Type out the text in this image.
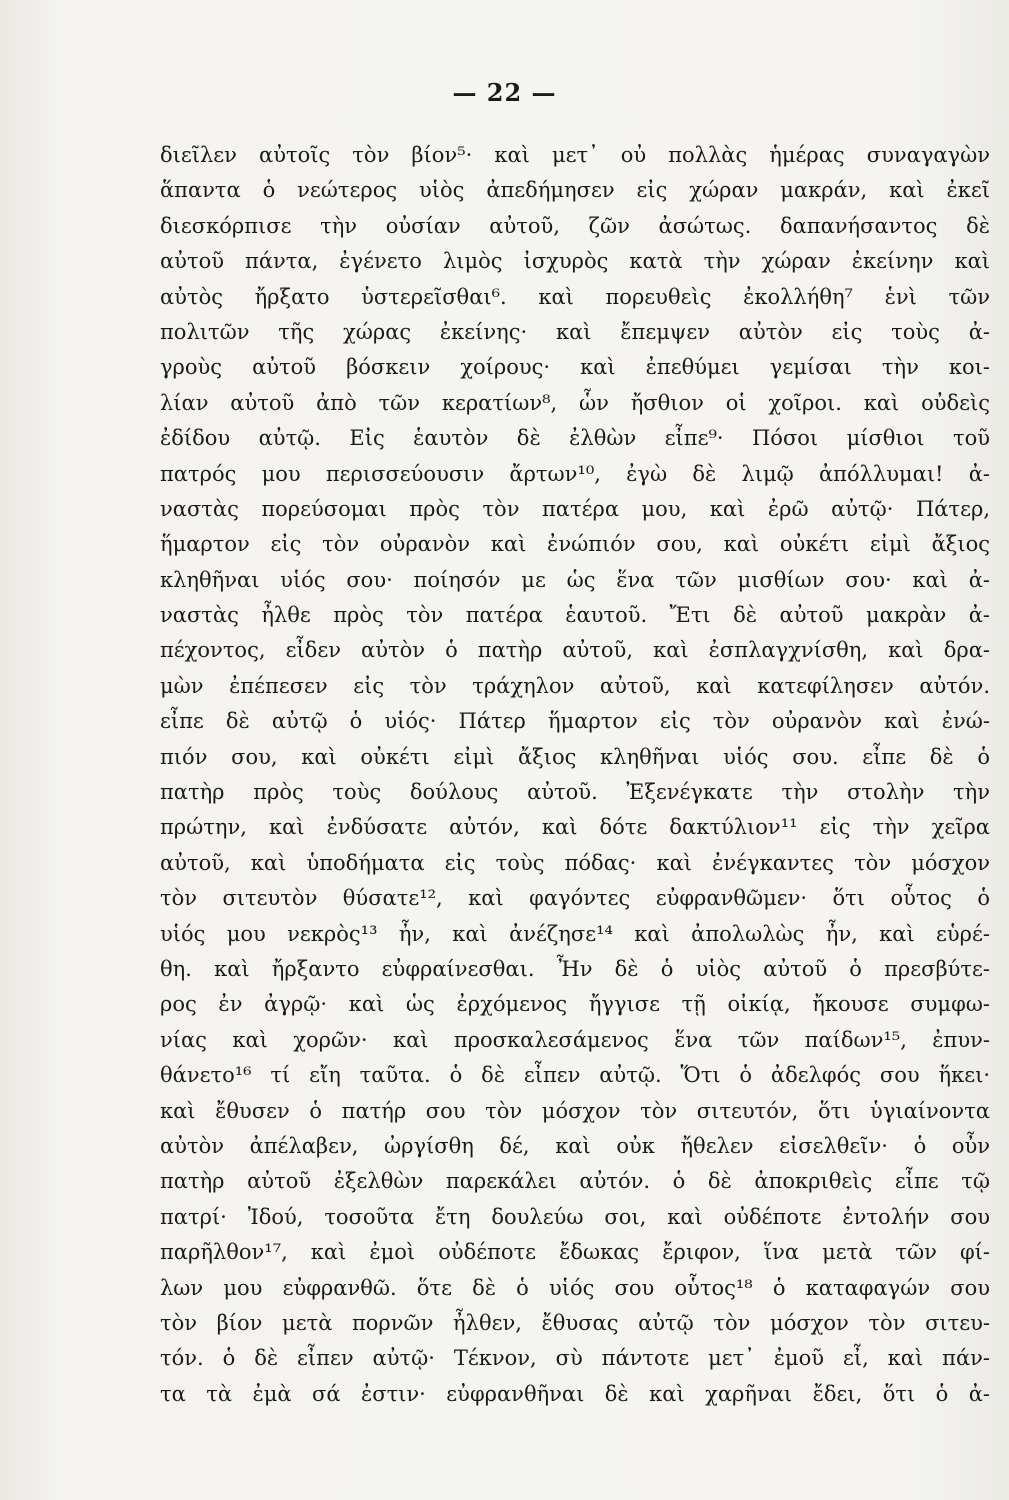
— 22 —
διεῖλεν αὐτοῖς τὸν βίον⁵· καὶ μετ᾽ οὐ πολλὰς ἡμέρας συναγαγὼν
ἅπαντα ὁ νεώτερος υἱὸς ἀπεδήμησεν εἰς χώραν μακράν, καὶ ἐκεῖ
διεσκόρπισε τὴν οὐσίαν αὐτοῦ, ζῶν ἀσώτως. δαπανήσαντος δὲ
αὐτοῦ πάντα, ἐγένετο λιμὸς ἰσχυρὸς κατὰ τὴν χώραν ἐκείνην καὶ
αὐτὸς ἤρξατο ὑστερεῖσθαι⁶. καὶ πορευθεὶς ἐκολλήθη⁷ ἑνὶ τῶν
πολιτῶν τῆς χώρας ἐκείνης· καὶ ἔπεμψεν αὐτὸν εἰς τοὺς ἀ-
γροὺς αὐτοῦ βόσκειν χοίρους· καὶ ἐπεθύμει γεμίσαι τὴν κοι-
λίαν αὐτοῦ ἀπὸ τῶν κερατίων⁸, ὧν ἤσθιον οἱ χοῖροι. καὶ οὐδεὶς
ἐδίδου αὐτῷ. Εἰς ἑαυτὸν δὲ ἐλθὼν εἶπε⁹· Πόσοι μίσθιοι τοῦ
πατρός μου περισσεύουσιν ἄρτων¹⁰, ἐγὼ δὲ λιμῷ ἀπόλλυμαι! ἀ-
ναστὰς πορεύσομαι πρὸς τὸν πατέρα μου, καὶ ἐρῶ αὐτῷ· Πάτερ,
ἥμαρτον εἰς τὸν οὐρανὸν καὶ ἐνώπιόν σου, καὶ οὐκέτι εἰμὶ ἄξιος
κληθῆναι υἱός σου· ποίησόν με ὡς ἕνα τῶν μισθίων σου· καὶ ἀ-
ναστὰς ἦλθε πρὸς τὸν πατέρα ἑαυτοῦ. Ἔτι δὲ αὐτοῦ μακρὰν ἀ-
πέχοντος, εἶδεν αὐτὸν ὁ πατὴρ αὐτοῦ, καὶ ἐσπλαγχνίσθη, καὶ δρα-
μὼν ἐπέπεσεν εἰς τὸν τράχηλον αὐτοῦ, καὶ κατεφίλησεν αὐτόν.
εἶπε δὲ αὐτῷ ὁ υἱός· Πάτερ ἥμαρτον εἰς τὸν οὐρανὸν καὶ ἐνώ-
πιόν σου, καὶ οὐκέτι εἰμὶ ἄξιος κληθῆναι υἱός σου. εἶπε δὲ ὁ
πατὴρ πρὸς τοὺς δούλους αὐτοῦ. Ἐξενέγκατε τὴν στολὴν τὴν
πρώτην, καὶ ἐνδύσατε αὐτόν, καὶ δότε δακτύλιον¹¹ εἰς τὴν χεῖρα
αὐτοῦ, καὶ ὑποδήματα εἰς τοὺς πόδας· καὶ ἐνέγκαντες τὸν μόσχον
τὸν σιτευτὸν θύσατε¹², καὶ φαγόντες εὐφρανθῶμεν· ὅτι οὗτος ὁ
υἱός μου νεκρὸς¹³ ἦν, καὶ ἀνέζησε¹⁴ καὶ ἀπολωλὼς ἦν, καὶ εὑρέ-
θη. καὶ ἤρξαντο εὐφραίνεσθαι. Ἦν δὲ ὁ υἱὸς αὐτοῦ ὁ πρεσβύτε-
ρος ἐν ἀγρῷ· καὶ ὡς ἐρχόμενος ἤγγισε τῇ οἰκίᾳ, ἤκουσε συμφω-
νίας καὶ χορῶν· καὶ προσκαλεσάμενος ἕνα τῶν παίδων¹⁵, ἐπυν-
θάνετο¹⁶ τί εἴη ταῦτα. ὁ δὲ εἶπεν αὐτῷ. Ὅτι ὁ ἀδελφός σου ἥκει·
καὶ ἔθυσεν ὁ πατήρ σου τὸν μόσχον τὸν σιτευτόν, ὅτι ὑγιαίνοντα
αὐτὸν ἀπέλαβεν, ὠργίσθη δέ, καὶ οὐκ ἤθελεν εἰσελθεῖν· ὁ οὖν
πατὴρ αὐτοῦ ἐξελθὼν παρεκάλει αὐτόν. ὁ δὲ ἀποκριθεὶς εἶπε τῷ
πατρί· Ἰδού, τοσοῦτα ἔτη δουλεύω σοι, καὶ οὐδέποτε ἐντολήν σου
παρῆλθον¹⁷, καὶ ἐμοὶ οὐδέποτε ἔδωκας ἔριφον, ἵνα μετὰ τῶν φί-
λων μου εὐφρανθῶ. ὅτε δὲ ὁ υἱός σου οὗτος¹⁸ ὁ καταφαγών σου
τὸν βίον μετὰ πορνῶν ἦλθεν, ἔθυσας αὐτῷ τὸν μόσχον τὸν σιτευ-
τόν. ὁ δὲ εἶπεν αὐτῷ· Τέκνον, σὺ πάντοτε μετ᾽ ἐμοῦ εἶ, καὶ πάν-
τα τὰ ἐμὰ σά ἐστιν· εὐφρανθῆναι δὲ καὶ χαρῆναι ἔδει, ὅτι ὁ ἀ-
